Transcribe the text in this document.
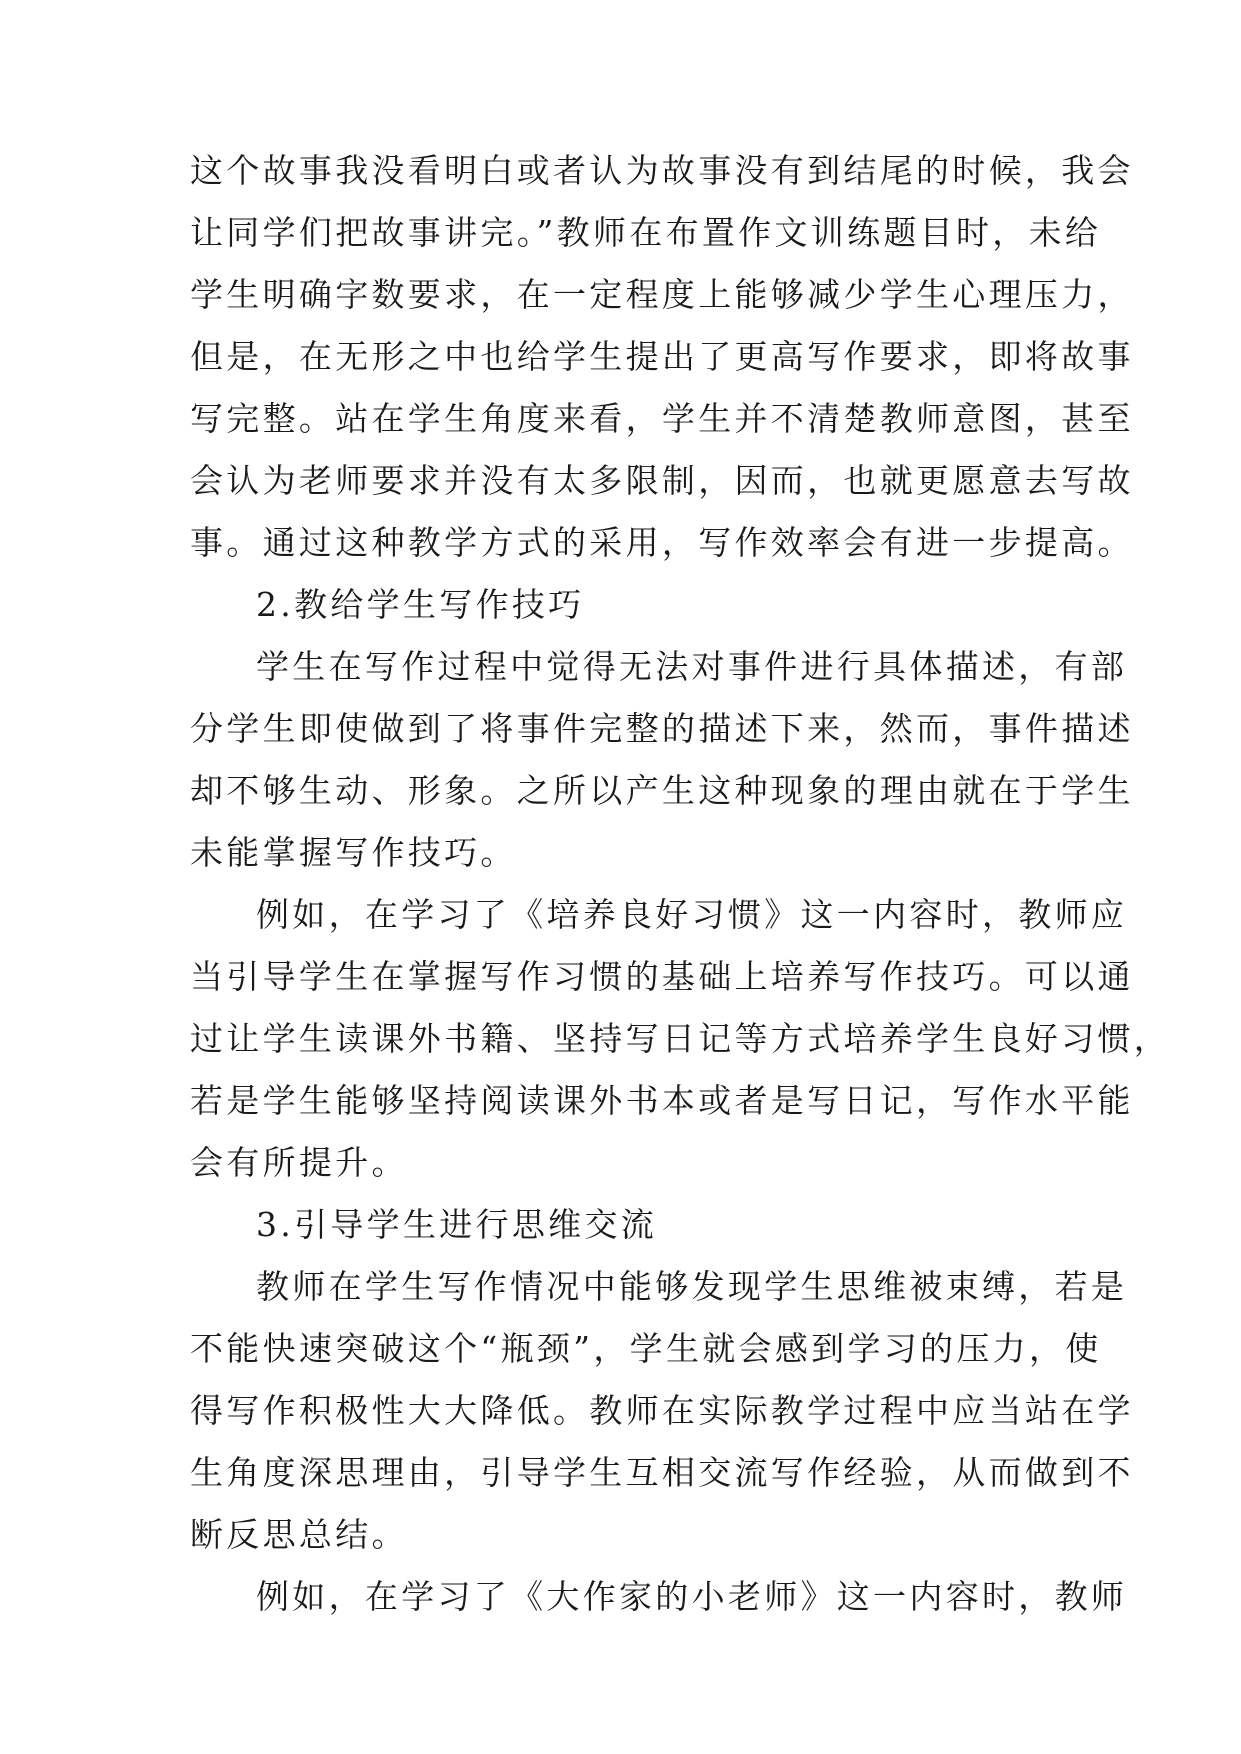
这个故事我没看明白或者认为故事没有到结尾的时候，我会
让同学们把故事讲完。”教师在布置作文训练题目时，未给
学生明确字数要求，在一定程度上能够减少学生心理压力，
但是，在无形之中也给学生提出了更高写作要求，即将故事
写完整。站在学生角度来看，学生并不清楚教师意图，甚至
会认为老师要求并没有太多限制，因而，也就更愿意去写故
事。通过这种教学方式的采用，写作效率会有进一步提高。
2.教给学生写作技巧
学生在写作过程中觉得无法对事件进行具体描述，有部
分学生即使做到了将事件完整的描述下来，然而，事件描述
却不够生动、形象。之所以产生这种现象的理由就在于学生
未能掌握写作技巧。
例如，在学习了《培养良好习惯》这一内容时，教师应
当引导学生在掌握写作习惯的基础上培养写作技巧。可以通
过让学生读课外书籍、坚持写日记等方式培养学生良好习惯，
若是学生能够坚持阅读课外书本或者是写日记，写作水平能
会有所提升。
3.引导学生进行思维交流
教师在学生写作情况中能够发现学生思维被束缚，若是
不能快速突破这个“瓶颈”，学生就会感到学习的压力，使
得写作积极性大大降低。教师在实际教学过程中应当站在学
生角度深思理由，引导学生互相交流写作经验，从而做到不
断反思总结。
例如，在学习了《大作家的小老师》这一内容时，教师
